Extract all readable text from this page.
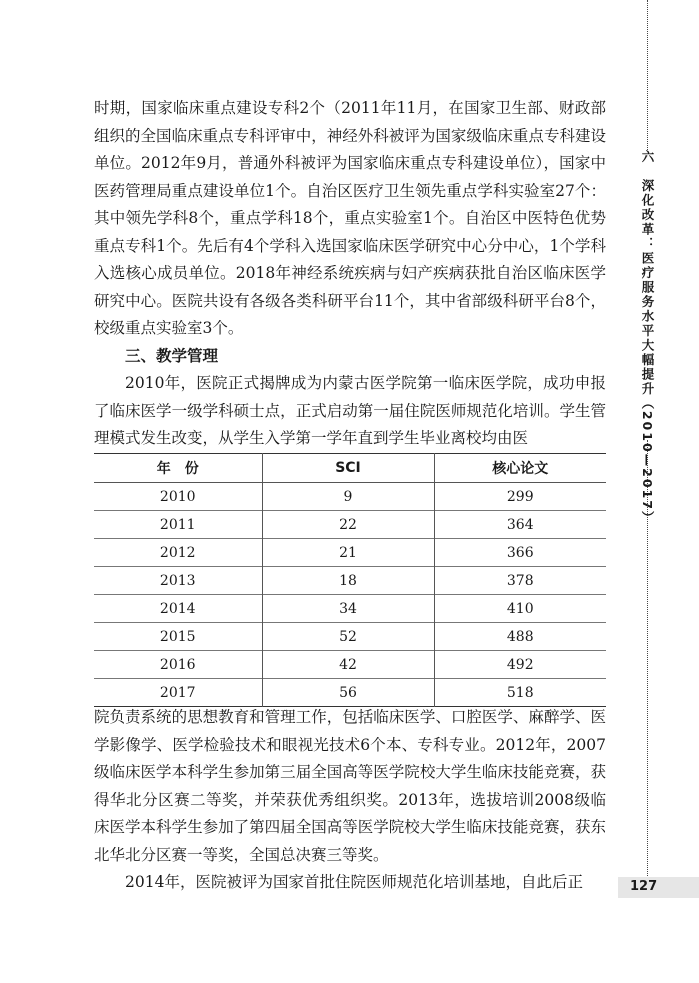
时期，国家临床重点建设专科2个（2011年11月，在国家卫生部、财政部组织的全国临床重点专科评审中，神经外科被评为国家级临床重点专科建设单位。2012年9月，普通外科被评为国家临床重点专科建设单位），国家中医药管理局重点建设单位1个。自治区医疗卫生领先重点学科实验室27个：其中领先学科8个，重点学科18个，重点实验室1个。自治区中医特色优势重点专科1个。先后有4个学科入选国家临床医学研究中心分中心，1个学科入选核心成员单位。2018年神经系统疾病与妇产疾病获批自治区临床医学研究中心。医院共设有各级各类科研平台11个，其中省部级科研平台8个，校级重点实验室3个。

三、教学管理

2010年，医院正式揭牌成为内蒙古医学院第一临床医学院，成功申报了临床医学一级学科硕士点，正式启动第一届住院医师规范化培训。学生管理模式发生改变，从学生入学第一学年直到学生毕业离校均由医

年　份	SCI	核心论文
2010	9	299
2011	22	364
2012	21	366
2013	18	378
2014	34	410
2015	52	488
2016	42	492
2017	56	518

院负责系统的思想教育和管理工作，包括临床医学、口腔医学、麻醉学、医学影像学、医学检验技术和眼视光技术6个本、专科专业。2012年，2007级临床医学本科学生参加第三届全国高等医学院校大学生临床技能竞赛，获得华北分区赛二等奖，并荣获优秀组织奖。2013年，选拔培训2008级临床医学本科学生参加了第四届全国高等医学院校大学生临床技能竞赛，获东北华北分区赛一等奖，全国总决赛三等奖。

2014年，医院被评为国家首批住院医师规范化培训基地，自此后正

六 深化改革：医疗服务水平大幅提升（2010—2017）
127
